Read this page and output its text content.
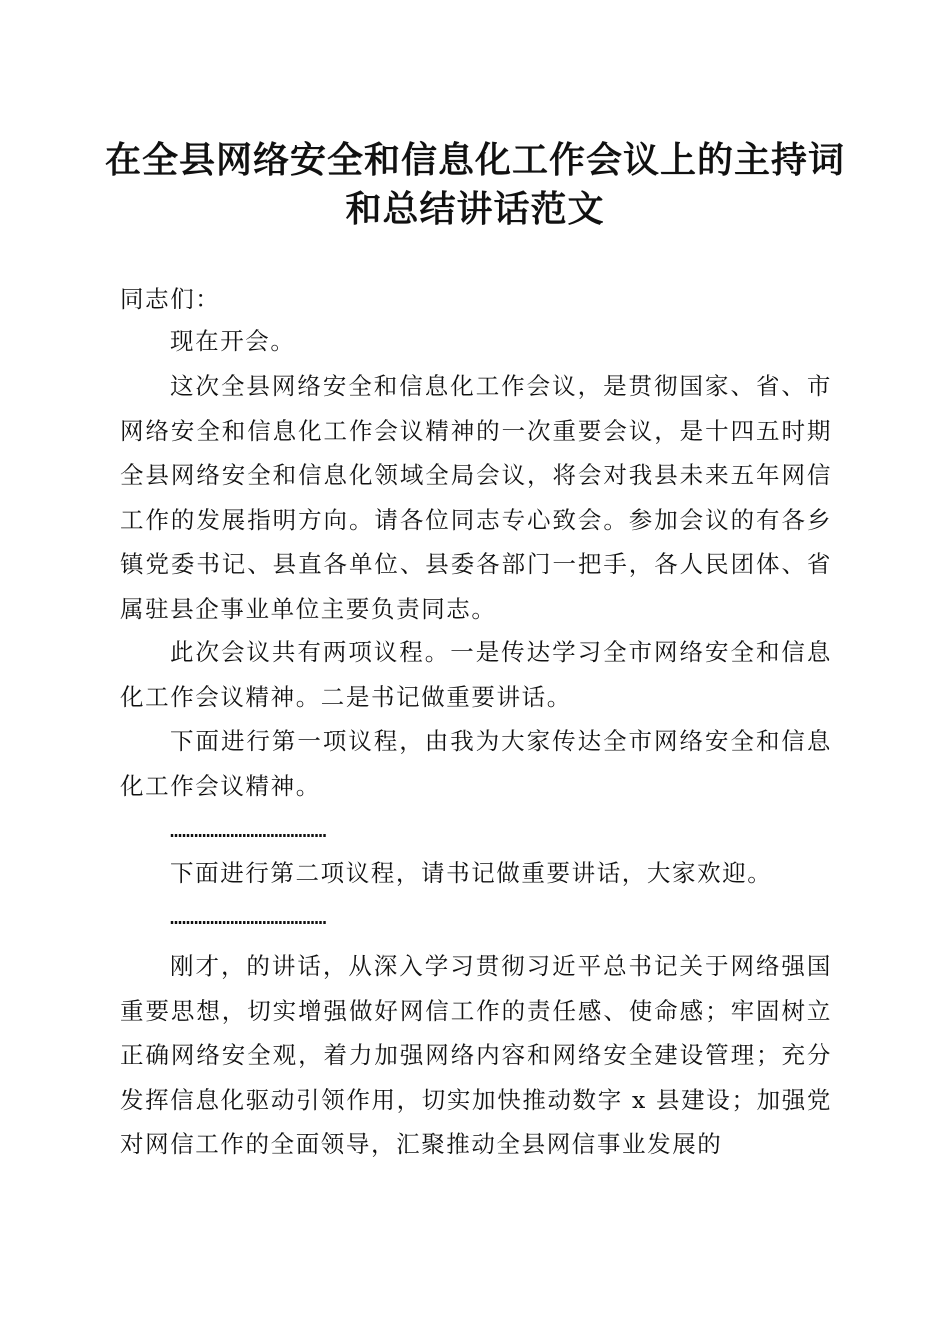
在全县网络安全和信息化工作会议上的主持词
和总结讲话范文

同志们：

现在开会。

这次全县网络安全和信息化工作会议，是贯彻国家、省、市网络安全和信息化工作会议精神的一次重要会议，是十四五时期全县网络安全和信息化领域全局会议，将会对我县未来五年网信工作的发展指明方向。请各位同志专心致会。参加会议的有各乡镇党委书记、县直各单位、县委各部门一把手，各人民团体、省属驻县企事业单位主要负责同志。

此次会议共有两项议程。一是传达学习全市网络安全和信息化工作会议精神。二是书记做重要讲话。

下面进行第一项议程，由我为大家传达全市网络安全和信息化工作会议精神。

…………………………………

下面进行第二项议程，请书记做重要讲话，大家欢迎。

…………………………………

刚才，的讲话，从深入学习贯彻习近平总书记关于网络强国重要思想，切实增强做好网信工作的责任感、使命感；牢固树立正确网络安全观，着力加强网络内容和网络安全建设管理；充分发挥信息化驱动引领作用，切实加快推动数字 x 县建设；加强党对网信工作的全面领导，汇聚推动全县网信事业发展的
